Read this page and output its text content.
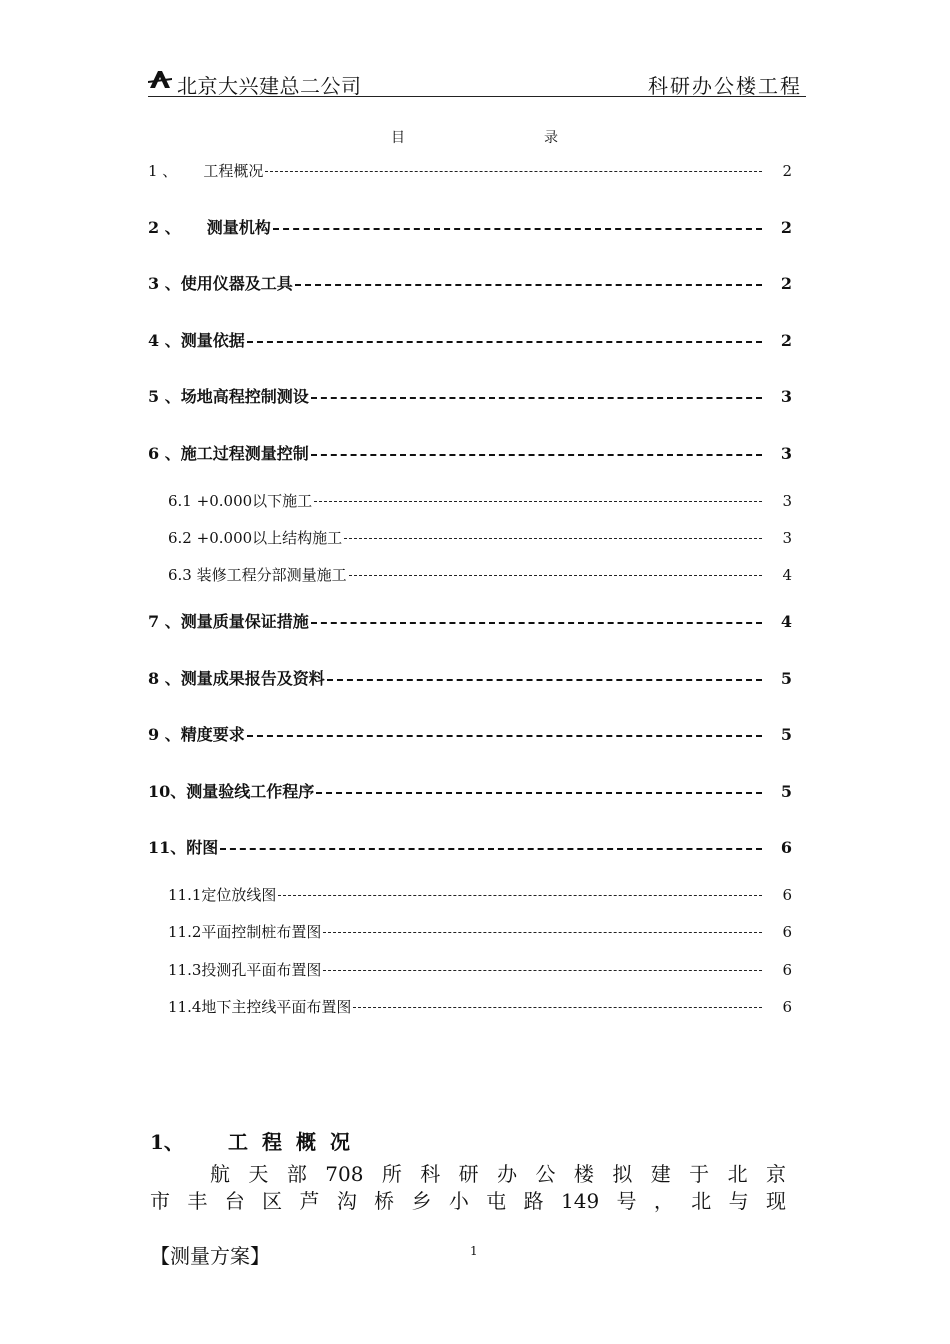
北京大兴建总二公司	科研办公楼工程
目	录
1 、 工程概况	2
2 、 测量机构	2
3 、使用仪器及工具	2
4 、测量依据	2
5 、场地高程控制测设	3
6 、施工过程测量控制	3
6.1 +0.000以下施工	3
6.2 +0.000以上结构施工	3
6.3 装修工程分部测量施工	4
7 、测量质量保证措施	4
8 、测量成果报告及资料	5
9 、精度要求	5
10、测量验线工作程序	5
11、附图	6
11.1定位放线图	6
11.2平面控制桩布置图	6
11.3投测孔平面布置图	6
11.4地下主控线平面布置图	6
1、 工程概况
航天部708所科研办公楼拟建于北京
市丰台区芦沟桥乡小屯路149号，北与现
【测量方案】	1
